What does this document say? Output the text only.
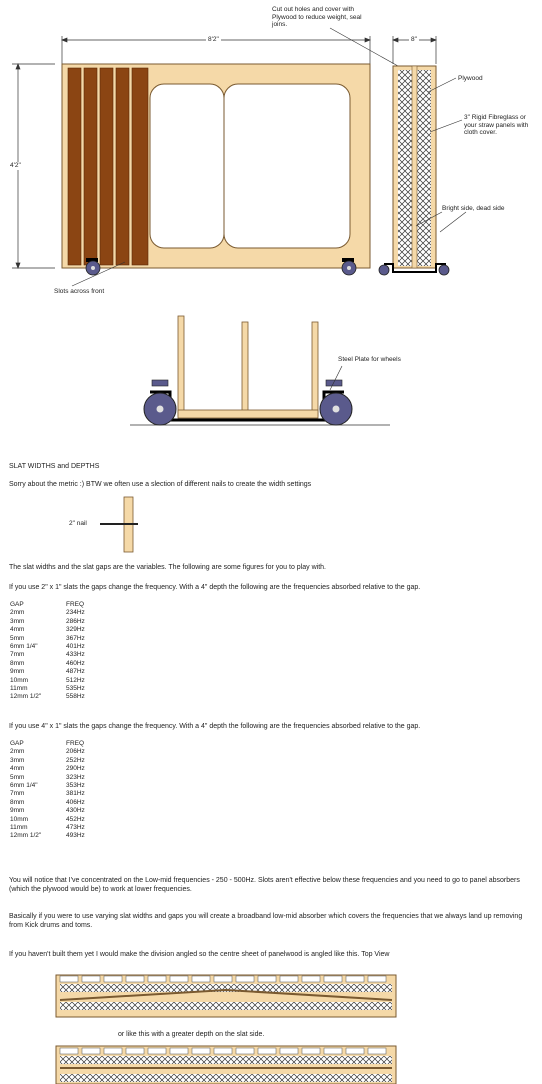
Cut out holes and cover with Plywood to reduce weight, seal joins.
8'2"
4'2"
8"
Plywood
3" Rigid Fibreglass or your straw panels with cloth cover.
Bright side, dead side
Slots across front
Steel Plate for wheels
2" nail
SLAT WIDTHS and DEPTHS
Sorry about the metric :) BTW we often use a slection of different nails to create the width settings
The slat widths and the slat gaps are the variables. The following are some figures for you to play with.
If you use 2" x 1" slats the gaps change the frequency. With a 4" depth the following are the frequencies absorbed relative to the gap.
GAP	FREQ
2mm	234Hz
3mm	286Hz
4mm	329Hz
5mm	367Hz
6mm 1/4"	401Hz
7mm	433Hz
8mm	460Hz
9mm	487Hz
10mm	512Hz
11mm	535Hz
12mm 1/2"	558Hz
If you use 4" x 1" slats the gaps change the frequency. With a 4" depth the following are the frequencies absorbed relative to the gap.
GAP	FREQ
2mm	206Hz
3mm	252Hz
4mm	290Hz
5mm	323Hz
6mm 1/4"	353Hz
7mm	381Hz
8mm	406Hz
9mm	430Hz
10mm	452Hz
11mm	473Hz
12mm 1/2"	493Hz
You will notice that I've concentrated on the Low-mid frequencies - 250 - 500Hz. Slots aren't effective below these frequencies and you need to go to panel absorbers (which the plywood would be) to work at lower frequencies.
Basically if you were to use varying slat widths and gaps you will create a broadband low-mid absorber which covers the frequencies that we always land up removing from Kick drums and toms.
If you haven't built them yet I would make the division angled so the centre sheet of panelwood is angled like this. Top View
or like this with a greater depth on the slat side.
